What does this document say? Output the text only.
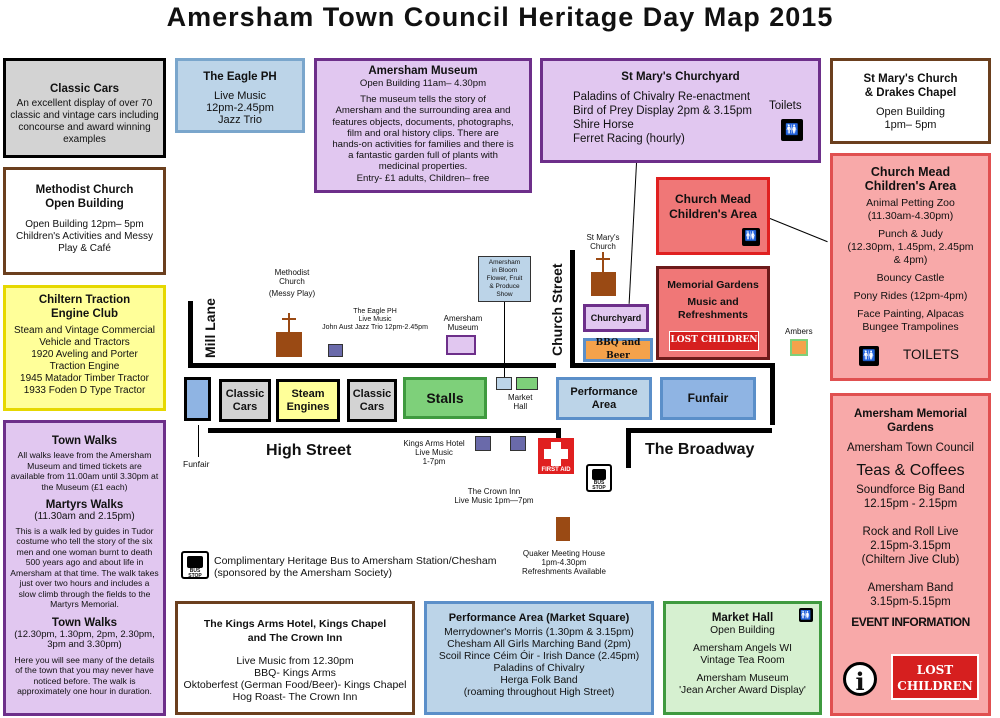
Amersham Town Council Heritage Day Map 2015
Classic Cars
An excellent display of over 70
classic and vintage cars including
concourse and award winning
examples
Methodist Church
Open Building
Open Building 12pm– 5pm
Children's Activities and Messy
Play & Café
Chiltern Traction
Engine Club
Steam and Vintage Commercial
Vehicle and Tractors
1920 Aveling and Porter
Traction Engine
1945 Matador Timber Tractor
1933 Foden D Type Tractor
Town Walks
All walks leave from the Amersham Museum and timed tickets are available from 11.00am until 3.30pm at the Museum (£1 each)
Martyrs Walks
(11.30am and 2.15pm)
This is a walk led by guides in Tudor costume who tell the story of the six men and one woman burnt to death 500 years ago and about life in Amersham at that time. The walk takes just over two hours and includes a slow climb through the fields to the Martyrs Memorial.
Town Walks
(12.30pm, 1.30pm, 2pm, 2.30pm, 3pm and 3.30pm)
Here you will see many of the details of the town that you may never have noticed before. The walk is approximately one hour in duration.
The Eagle PH
Live Music
12pm-2.45pm
Jazz Trio
Amersham Museum
Open Building 11am– 4.30pm
The museum tells the story of
Amersham and the surrounding area and
features objects, documents, photographs,
film and oral history clips. There are
hands-on activities for families and there is
a fantastic garden full of plants with
medicinal properties.
Entry- £1 adults, Children– free
St Mary's Churchyard
Paladins of Chivalry Re-enactment
Bird of Prey Display 2pm & 3.15pm
Shire Horse
Ferret Racing (hourly)
Toilets
🚻
St Mary's Church
& Drakes Chapel
Open Building
1pm– 5pm
Church Mead
Children's Area
Animal Petting Zoo
(11.30am-4.30pm)
Punch & Judy
(12.30pm, 1.45pm, 2.45pm
& 4pm)
Bouncy Castle
Pony Rides (12pm-4pm)
Face Painting, Alpacas
Bungee Trampolines
🚻 TOILETS
Amersham Memorial
Gardens
Amersham Town Council
Teas & Coffees
Soundforce Big Band
12.15pm - 2.15pm
Rock and Roll Live
2.15pm-3.15pm
(Chiltern Jive Club)
Amersham Band
3.15pm-5.15pm
EVENT INFORMATION
i	LOST
CHILDREN
The Kings Arms Hotel, Kings Chapel
and The Crown Inn
Live Music from 12.30pm
BBQ- Kings Arms
Oktoberfest (German Food/Beer)- Kings Chapel
Hog Roast- The Crown Inn
Performance Area (Market Square)
Merrydowner's Morris (1.30pm & 3.15pm)
Chesham All Girls Marching Band (2pm)
Scoil Rince Céim Óir - Irish Dance (2.45pm)
Paladins of Chivalry
Herga Folk Band
(roaming throughout High Street)
Market Hall	🚻
Open Building
Amersham Angels WI
Vintage Tea Room
Amersham Museum
'Jean Archer Award Display'
Mill Lane	Church Street
High Street	The Broadway
Classic
Cars
Steam
Engines
Classic
Cars
Stalls	Market
Hall
Performance
Area	Funfair
Funfair
Methodist
Church
(Messy Play)
The Eagle PH
Live Music
John Aust Jazz Trio 12pm-2.45pm
Amersham
Museum
Amersham
in Bloom
Flower, Fruit
& Produce
Show
St Mary's
Church
Churchyard
BBQ and Beer
Church Mead
Children's Area
🚻
Memorial Gardens
Music and
Refreshments
LOST CHILDREN
Ambers
Kings Arms Hotel
Live Music
1-7pm
The Crown Inn
Live Music 1pm—7pm
FIRST AID
BUS
STOP
Quaker Meeting House
1pm-4.30pm
Refreshments Available
BUS
STOP
Complimentary Heritage Bus to Amersham Station/Chesham
(sponsored by the Amersham Society)
